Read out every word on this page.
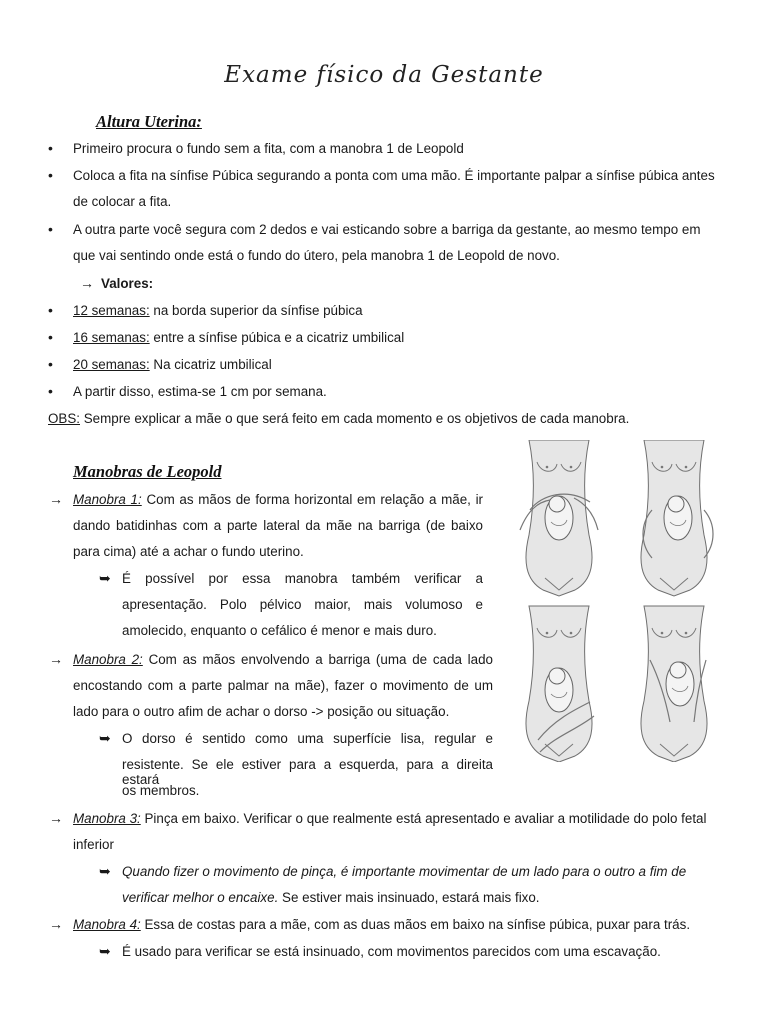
Exame físico da Gestante
Altura Uterina:
• Primeiro procura o fundo sem a fita, com a manobra 1 de Leopold
• Coloca a fita na sínfise Púbica segurando a ponta com uma mão. É importante palpar a sínfise púbica antes
de colocar a fita.
• A outra parte você segura com 2 dedos e vai esticando sobre a barriga da gestante, ao mesmo tempo em
que vai sentindo onde está o fundo do útero, pela manobra 1 de Leopold de novo.
→ Valores:
• 12 semanas: na borda superior da sínfise púbica
• 16 semanas: entre a sínfise púbica e a cicatriz umbilical
• 20 semanas: Na cicatriz umbilical
• A partir disso, estima-se 1 cm por semana.
OBS: Sempre explicar a mãe o que será feito em cada momento e os objetivos de cada manobra.
Manobras de Leopold
→ Manobra 1: Com as mãos de forma horizontal em relação a mãe, ir
dando batidinhas com a parte lateral da mãe na barriga (de baixo
para cima) até a achar o fundo uterino.
➥ É possível por essa manobra também verificar a
apresentação. Polo pélvico maior, mais volumoso e
amolecido, enquanto o cefálico é menor e mais duro.
→ Manobra 2: Com as mãos envolvendo a barriga (uma de cada lado
encostando com a parte palmar na mãe), fazer o movimento de um
lado para o outro afim de achar o dorso -> posição ou situação.
➥ O dorso é sentido como uma superfície lisa, regular e
resistente. Se ele estiver para a esquerda, para a direita estará
os membros.
→ Manobra 3: Pinça em baixo. Verificar o que realmente está apresentado e avaliar a motilidade do polo fetal
inferior
➥ Quando fizer o movimento de pinça, é importante movimentar de um lado para o outro a fim de
verificar melhor o encaixe. Se estiver mais insinuado, estará mais fixo.
→ Manobra 4: Essa de costas para a mãe, com as duas mãos em baixo na sínfise púbica, puxar para trás.
➥ É usado para verificar se está insinuado, com movimentos parecidos com uma escavação.
